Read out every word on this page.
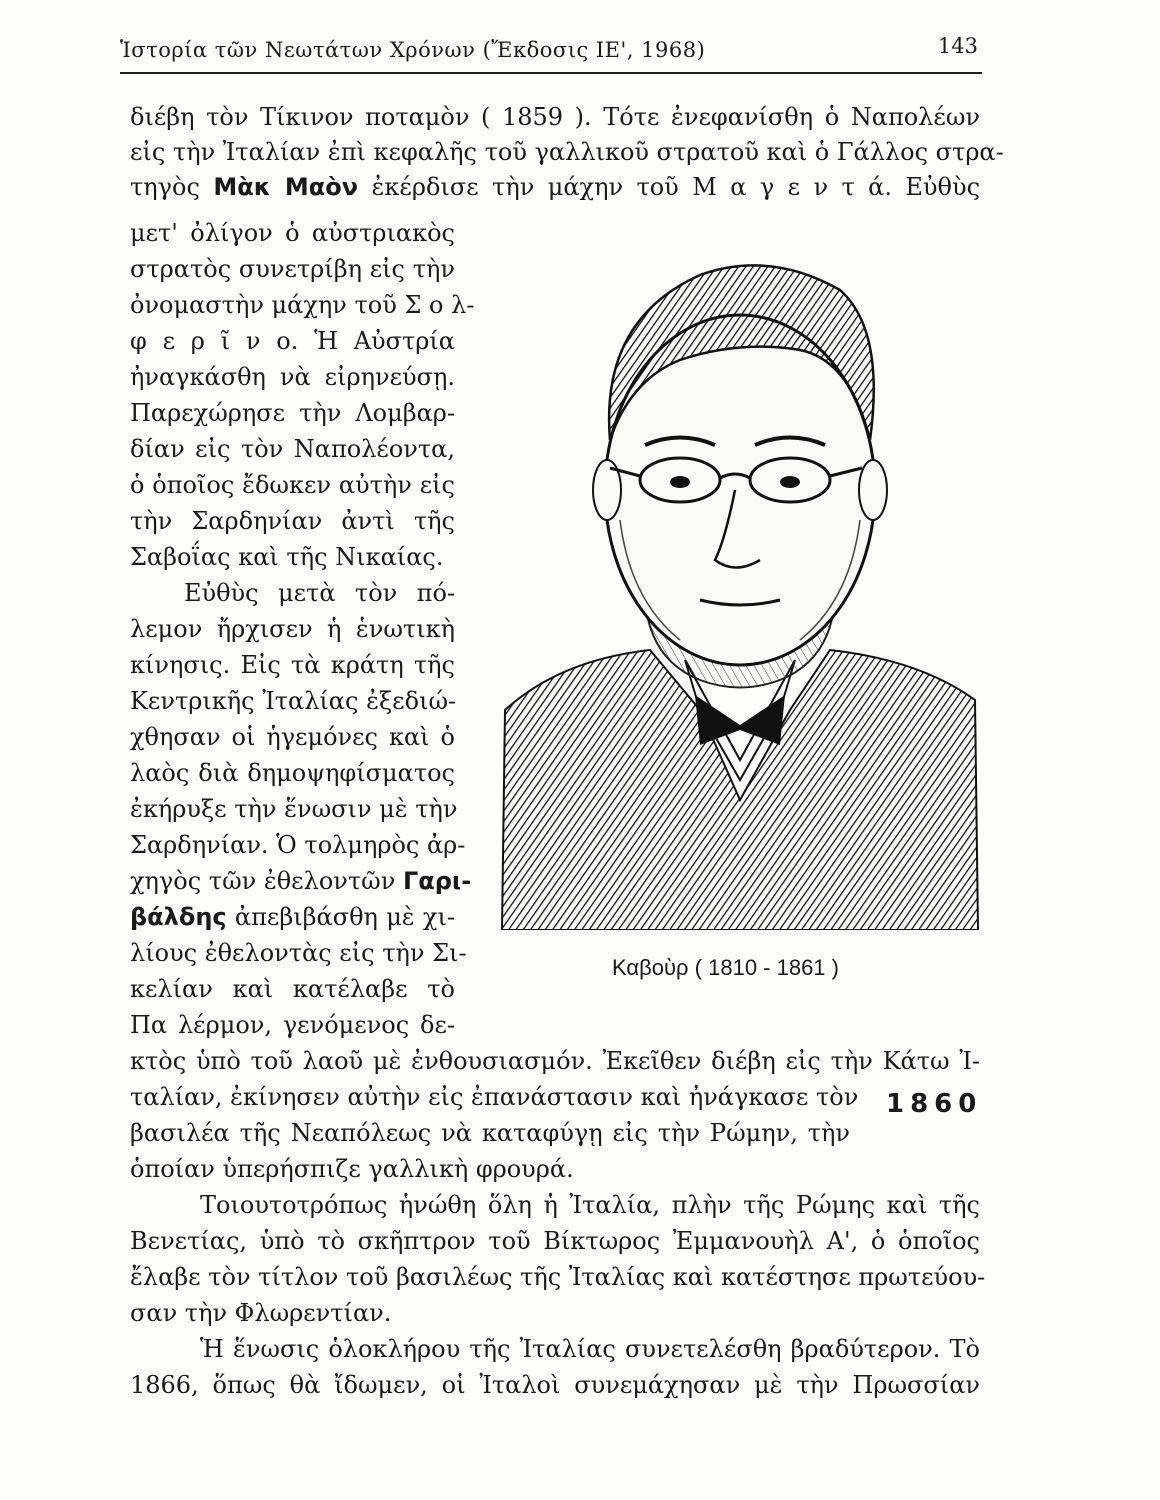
Ἱστορία τῶν Νεωτάτων Χρόνων (Ἔκδοσις ΙΕ', 1968)	143
διέβη τὸν Τίκινον ποταμὸν ( 1859 ). Τότε ἐνεφανίσθη ὁ Ναπολέων
εἰς τὴν Ἰταλίαν ἐπὶ κεφαλῆς τοῦ γαλλικοῦ στρατοῦ καὶ ὁ Γάλλος στρα-
τηγὸς Μὰκ Μαὸν ἐκέρδισε τὴν μάχην τοῦ Μ α γ ε ν τ ά. Εὐθὺς
μετ' ὀλίγον ὁ αὐστριακὸς
στρατὸς συνετρίβη εἰς τὴν
ὀνομαστὴν μάχην τοῦ Σ ο λ-
φ ε ρ ῖ ν ο. Ἡ Αὐστρία
ἠναγκάσθη νὰ εἰρηνεύσῃ.
Παρεχώρησε τὴν Λομβαρ-
δίαν εἰς τὸν Ναπολέοντα,
ὁ ὁποῖος ἔδωκεν αὐτὴν εἰς
τὴν Σαρδηνίαν ἀντὶ τῆς
Σαβοΐας καὶ τῆς Νικαίας.
Εὐθὺς μετὰ τὸν πό-
λεμον ἤρχισεν ἡ ἑνωτικὴ
κίνησις. Εἰς τὰ κράτη τῆς
Κεντρικῆς Ἰταλίας ἐξεδιώ-
χθησαν οἱ ἡγεμόνες καὶ ὁ
λαὸς διὰ δημοψηφίσματος
ἐκήρυξε τὴν ἕνωσιν μὲ τὴν
Σαρδηνίαν. Ὁ τολμηρὸς ἀρ-
χηγὸς τῶν ἐθελοντῶν Γαρι-
βάλδης ἀπεβιβάσθη μὲ χι-
λίους ἐθελοντὰς εἰς τὴν Σι-
κελίαν καὶ κατέλαβε τὸ
Πα λέρμον, γενόμενος δε-
κτὸς ὑπὸ τοῦ λαοῦ μὲ ἐνθουσιασμόν. Ἐκεῖθεν διέβη εἰς τὴν Κάτω Ἰ-
ταλίαν, ἐκίνησεν αὐτὴν εἰς ἐπανάστασιν καὶ ἠνάγκασε τὸν
βασιλέα τῆς Νεαπόλεως νὰ καταφύγῃ εἰς τὴν Ρώμην, τὴν
ὁποίαν ὑπερήσπιζε γαλλικὴ φρουρά.
Τοιουτοτρόπως ἡνώθη ὅλη ἡ Ἰταλία, πλὴν τῆς Ρώμης καὶ τῆς
Βενετίας, ὑπὸ τὸ σκῆπτρον τοῦ Βίκτωρος Ἐμμανουὴλ Α', ὁ ὁποῖος
ἔλαβε τὸν τίτλον τοῦ βασιλέως τῆς Ἰταλίας καὶ κατέστησε πρωτεύου-
σαν τὴν Φλωρεντίαν.
Ἡ ἕνωσις ὁλοκλήρου τῆς Ἰταλίας συνετελέσθη βραδύτερον. Τὸ
1866, ὅπως θὰ ἴδωμεν, οἱ Ἰταλοὶ συνεμάχησαν μὲ τὴν Πρωσσίαν
1860
Καβοὺρ ( 1810 - 1861 )
